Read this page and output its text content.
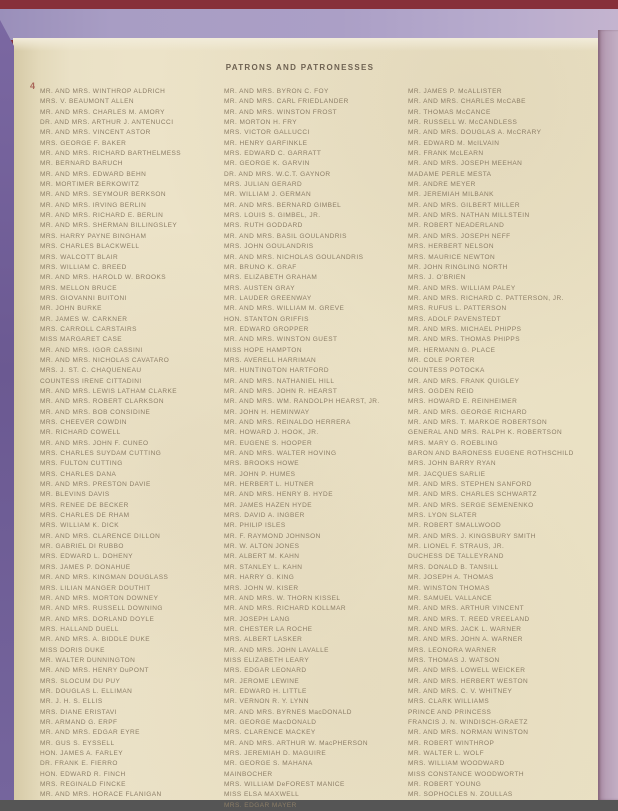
4
PATRONS AND PATRONESSES
MR. AND MRS. WINTHROP ALDRICH
MRS. V. BEAUMONT ALLEN
MR. AND MRS. CHARLES M. AMORY
DR. AND MRS. ARTHUR J. ANTENUCCI
MR. AND MRS. VINCENT ASTOR
MRS. GEORGE F. BAKER
MR. AND MRS. RICHARD BARTHELMESS
MR. BERNARD BARUCH
MR. AND MRS. EDWARD BEHN
MR. MORTIMER BERKOWITZ
MR. AND MRS. SEYMOUR BERKSON
MR. AND MRS. IRVING BERLIN
MR. AND MRS. RICHARD E. BERLIN
MR. AND MRS. SHERMAN BILLINGSLEY
MRS. HARRY PAYNE BINGHAM
MRS. CHARLES BLACKWELL
MRS. WALCOTT BLAIR
MRS. WILLIAM C. BREED
MR. AND MRS. HAROLD W. BROOKS
MRS. MELLON BRUCE
MRS. GIOVANNI BUITONI
MR. JOHN BURKE
MR. JAMES W. CARKNER
MRS. CARROLL CARSTAIRS
MISS MARGARET CASE
MR. AND MRS. IGOR CASSINI
MR. AND MRS. NICHOLAS CAVATARO
MRS. J. ST. C. CHAQUENEAU
COUNTESS IRENE CITTADINI
MR. AND MRS. LEWIS LATHAM CLARKE
MR. AND MRS. ROBERT CLARKSON
MR. AND MRS. BOB CONSIDINE
MRS. CHEEVER COWDIN
MR. RICHARD COWELL
MR. AND MRS. JOHN F. CUNEO
MRS. CHARLES SUYDAM CUTTING
MRS. FULTON CUTTING
MRS. CHARLES DANA
MR. AND MRS. PRESTON DAVIE
MR. BLEVINS DAVIS
MRS. RENEE DE BECKER
MRS. CHARLES DE RHAM
MRS. WILLIAM K. DICK
MR. AND MRS. CLARENCE DILLON
MR. GABRIEL DI RUBBO
MRS. EDWARD L. DOHENY
MRS. JAMES P. DONAHUE
MR. AND MRS. KINGMAN DOUGLASS
MRS. LILIAN MANGER DOUTHIT
MR. AND MRS. MORTON DOWNEY
MR. AND MRS. RUSSELL DOWNING
MR. AND MRS. DORLAND DOYLE
MRS. HALLAND DUELL
MR. AND MRS. A. BIDDLE DUKE
MISS DORIS DUKE
MR. WALTER DUNNINGTON
MR. AND MRS. HENRY DuPONT
MRS. SLOCUM DU PUY
MR. DOUGLAS L. ELLIMAN
MR. J. H. S. ELLIS
MRS. DIANE ERISTAVI
MR. ARMAND G. ERPF
MR. AND MRS. EDGAR EYRE
MR. GUS S. EYSSELL
HON. JAMES A. FARLEY
DR. FRANK E. FIERRO
HON. EDWARD R. FINCH
MRS. REGINALD FINCKE
MR. AND MRS. HORACE FLANIGAN
MR. AND MRS. BYRON C. FOY
MR. AND MRS. CARL FRIEDLANDER
MR. AND MRS. WINSTON FROST
MR. MORTON H. FRY
MRS. VICTOR GALLUCCI
MR. HENRY GARFINKLE
MRS. EDWARD C. GARRATT
MR. GEORGE K. GARVIN
DR. AND MRS. W.C.T. GAYNOR
MRS. JULIAN GERARD
MR. WILLIAM J. GERMAN
MR. AND MRS. BERNARD GIMBEL
MRS. LOUIS S. GIMBEL, JR.
MRS. RUTH GODDARD
MR. AND MRS. BASIL GOULANDRIS
MRS. JOHN GOULANDRIS
MR. AND MRS. NICHOLAS GOULANDRIS
MR. BRUNO K. GRAF
MRS. ELIZABETH GRAHAM
MRS. AUSTEN GRAY
MR. LAUDER GREENWAY
MR. AND MRS. WILLIAM M. GREVE
HON. STANTON GRIFFIS
MR. EDWARD GROPPER
MR. AND MRS. WINSTON GUEST
MISS HOPE HAMPTON
MRS. AVERELL HARRIMAN
MR. HUNTINGTON HARTFORD
MR. AND MRS. NATHANIEL HILL
MR. AND MRS. JOHN R. HEARST
MR. AND MRS. WM. RANDOLPH HEARST, JR.
MR. JOHN H. HEMINWAY
MR. AND MRS. REINALDO HERRERA
MR. HOWARD J. HOOK, JR.
MR. EUGENE S. HOOPER
MR. AND MRS. WALTER HOVING
MRS. BROOKS HOWE
MR. JOHN P. HUMES
MR. HERBERT L. HUTNER
MR. AND MRS. HENRY B. HYDE
MR. JAMES HAZEN HYDE
MRS. DAVID A. INGBER
MR. PHILIP ISLES
MR. F. RAYMOND JOHNSON
MR. W. ALTON JONES
MR. ALBERT M. KAHN
MR. STANLEY L. KAHN
MR. HARRY G. KING
MRS. JOHN W. KISER
MR. AND MRS. W. THORN KISSEL
MR. AND MRS. RICHARD KOLLMAR
MR. JOSEPH LANG
MR. CHESTER LA ROCHE
MRS. ALBERT LASKER
MR. AND MRS. JOHN LAVALLE
MISS ELIZABETH LEARY
MRS. EDGAR LEONARD
MR. JEROME LEWINE
MR. EDWARD H. LITTLE
MR. VERNON R. Y. LYNN
MR. AND MRS. BYRNES MacDONALD
MR. GEORGE MacDONALD
MRS. CLARENCE MACKEY
MR. AND MRS. ARTHUR W. MacPHERSON
MRS. JEREMIAH D. MAGUIRE
MR. GEORGE S. MAHANA
MAINBOCHER
MRS. WILLIAM DeFOREST MANICE
MISS ELSA MAXWELL
MRS. EDGAR MAYER
MR. JAMES P. McALLISTER
MR. AND MRS. CHARLES McCABE
MR. THOMAS McCANCE
MR. RUSSELL W. McCANDLESS
MR. AND MRS. DOUGLAS A. McCRARY
MR. EDWARD M. McILVAIN
MR. FRANK McLEARN
MR. AND MRS. JOSEPH MEEHAN
MADAME PERLE MESTA
MR. ANDRE MEYER
MR. JEREMIAH MILBANK
MR. AND MRS. GILBERT MILLER
MR. AND MRS. NATHAN MILLSTEIN
MR. ROBERT NEADERLAND
MR. AND MRS. JOSEPH NEFF
MRS. HERBERT NELSON
MRS. MAURICE NEWTON
MR. JOHN RINGLING NORTH
MRS. J. O'BRIEN
MR. AND MRS. WILLIAM PALEY
MR. AND MRS. RICHARD C. PATTERSON, JR.
MRS. RUFUS L. PATTERSON
MRS. ADOLF PAVENSTEDT
MR. AND MRS. MICHAEL PHIPPS
MR. AND MRS. THOMAS PHIPPS
MR. HERMANN G. PLACE
MR. COLE PORTER
COUNTESS POTOCKA
MR. AND MRS. FRANK QUIGLEY
MRS. OGDEN REID
MRS. HOWARD E. REINHEIMER
MR. AND MRS. GEORGE RICHARD
MR. AND MRS. T. MARKOE ROBERTSON
GENERAL AND MRS. RALPH K. ROBERTSON
MRS. MARY G. ROEBLING
BARON AND BARONESS EUGENE ROTHSCHILD
MRS. JOHN BARRY RYAN
MR. JACQUES SARLIE
MR. AND MRS. STEPHEN SANFORD
MR. AND MRS. CHARLES SCHWARTZ
MR. AND MRS. SERGE SEMENENKO
MRS. LYON SLATER
MR. ROBERT SMALLWOOD
MR. AND MRS. J. KINGSBURY SMITH
MR. LIONEL F. STRAUS, JR.
DUCHESS DE TALLEYRAND
MRS. DONALD B. TANSILL
MR. JOSEPH A. THOMAS
MR. WINSTON THOMAS
MR. SAMUEL VALLANCE
MR. AND MRS. ARTHUR VINCENT
MR. AND MRS. T. REED VREELAND
MR. AND MRS. JACK L. WARNER
MR. AND MRS. JOHN A. WARNER
MRS. LEONORA WARNER
MRS. THOMAS J. WATSON
MR. AND MRS. LOWELL WEICKER
MR. AND MRS. HERBERT WESTON
MR. AND MRS. C. V. WHITNEY
MRS. CLARK WILLIAMS
PRINCE AND PRINCESS
FRANCIS J. N. WINDISCH-GRAETZ
MR. AND MRS. NORMAN WINSTON
MR. ROBERT WINTHROP
MR. WALTER L. WOLF
MRS. WILLIAM WOODWARD
MISS CONSTANCE WOODWORTH
MR. ROBERT YOUNG
MR. SOPHOCLES N. ZOULLAS
